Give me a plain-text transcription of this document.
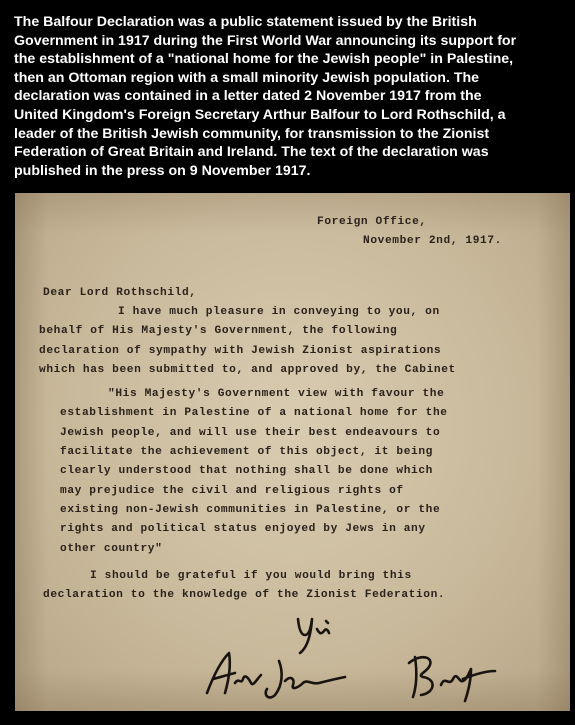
The Balfour Declaration was a public statement issued by the British
Government in 1917 during the First World War announcing its support for
the establishment of a "national home for the Jewish people" in Palestine,
then an Ottoman region with a small minority Jewish population. The
declaration was contained in a letter dated 2 November 1917 from the
United Kingdom's Foreign Secretary Arthur Balfour to Lord Rothschild, a
leader of the British Jewish community, for transmission to the Zionist
Federation of Great Britain and Ireland. The text of the declaration was
published in the press on 9 November 1917.
Foreign Office,
November 2nd, 1917.
Dear Lord Rothschild,
I have much pleasure in conveying to you, on
behalf of His Majesty's Government, the following
declaration of sympathy with Jewish Zionist aspirations
which has been submitted to, and approved by, the Cabinet
"His Majesty's Government view with favour the
establishment in Palestine of a national home for the
Jewish people, and will use their best endeavours to
facilitate the achievement of this object, it being
clearly understood that nothing shall be done which
may prejudice the civil and religious rights of
existing non-Jewish communities in Palestine, or the
rights and political status enjoyed by Jews in any
other country"
I should be grateful if you would bring this
declaration to the knowledge of the Zionist Federation.
